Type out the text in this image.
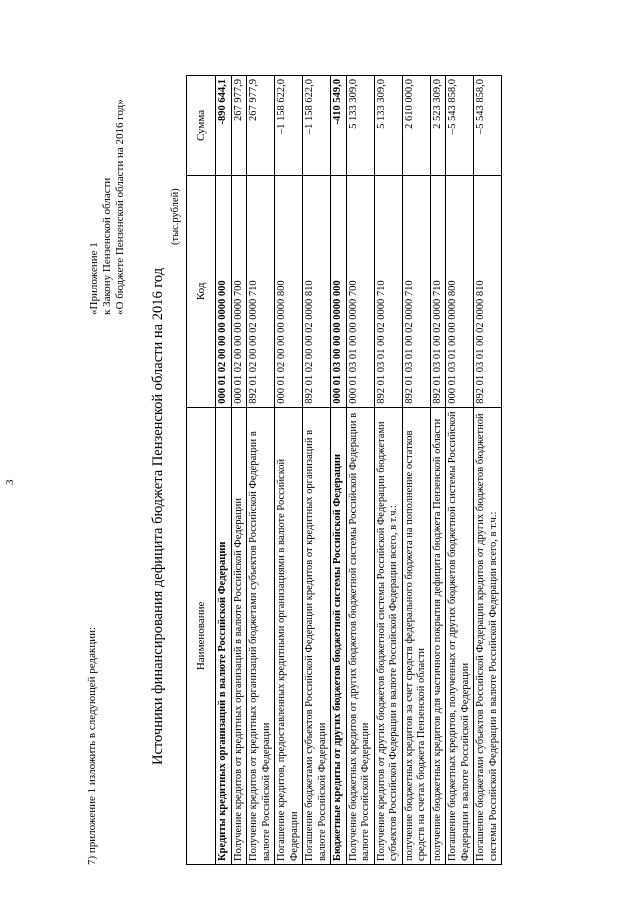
3
7) приложение 1 изложить в следующей редакции:
«Приложение 1 к Закону Пензенской области «О бюджете Пензенской области на 2016 год»
Источники финансирования дефицита бюджета Пензенской области на 2016 год
(тыс.рублей)
Наименование	Код	Сумма
Кредиты кредитных организаций в валюте Российской Федерации	000 01 02 00 00 00 0000 000	-890 644,1
Получение кредитов от кредитных организаций в валюте Российской Федерации	000 01 02 00 00 00 0000 700	267 977,9
Получение кредитов от кредитных организаций бюджетами субъектов Российской Федерации в валюте Российской Федерации	892 01 02 00 00 02 0000 710	267 977,9
Погашение кредитов, предоставленных кредитными организациями в валюте Российской Федерации	000 01 02 00 00 00 0000 800	–1 158 622,0
Погашение бюджетами субъектов Российской Федерации кредитов от кредитных организаций в валюте Российской Федерации	892 01 02 00 00 02 0000 810	–1 158 622,0
Бюджетные кредиты от других бюджетов бюджетной системы Российской Федерации	000 01 03 00 00 00 0000 000	-410 549,0
Получение бюджетных кредитов от других бюджетов бюджетной системы Российской Федерации в валюте Российской Федерации	000 01 03 01 00 00 0000 700	5 133 309,0
Получение кредитов от других бюджетов бюджетной системы Российской Федерации бюджетами субъектов Российской Федерации в валюте Российской Федерации всего, в т.ч.:	892 01 03 01 00 02 0000 710	5 133 309,0
получение бюджетных кредитов за счет средств федерального бюджета на пополнение остатков средств на счетах бюджета Пензенской области	892 01 03 01 00 02 0000 710	2 610 000,0
получение бюджетных кредитов для частичного покрытия дефицита бюджета Пензенской области	892 01 03 01 00 02 0000 710	2 523 309,0
Погашение бюджетных кредитов, полученных от других бюджетов бюджетной системы Российской Федерации в валюте Российской Федерации	000 01 03 01 00 00 0000 800	–5 543 858,0
Погашение бюджетами субъектов Российской Федерации кредитов от других бюджетов бюджетной системы Российской Федерации в валюте Российской Федерации всего, в т.ч.:	892 01 03 01 00 02 0000 810	–5 543 858,0
